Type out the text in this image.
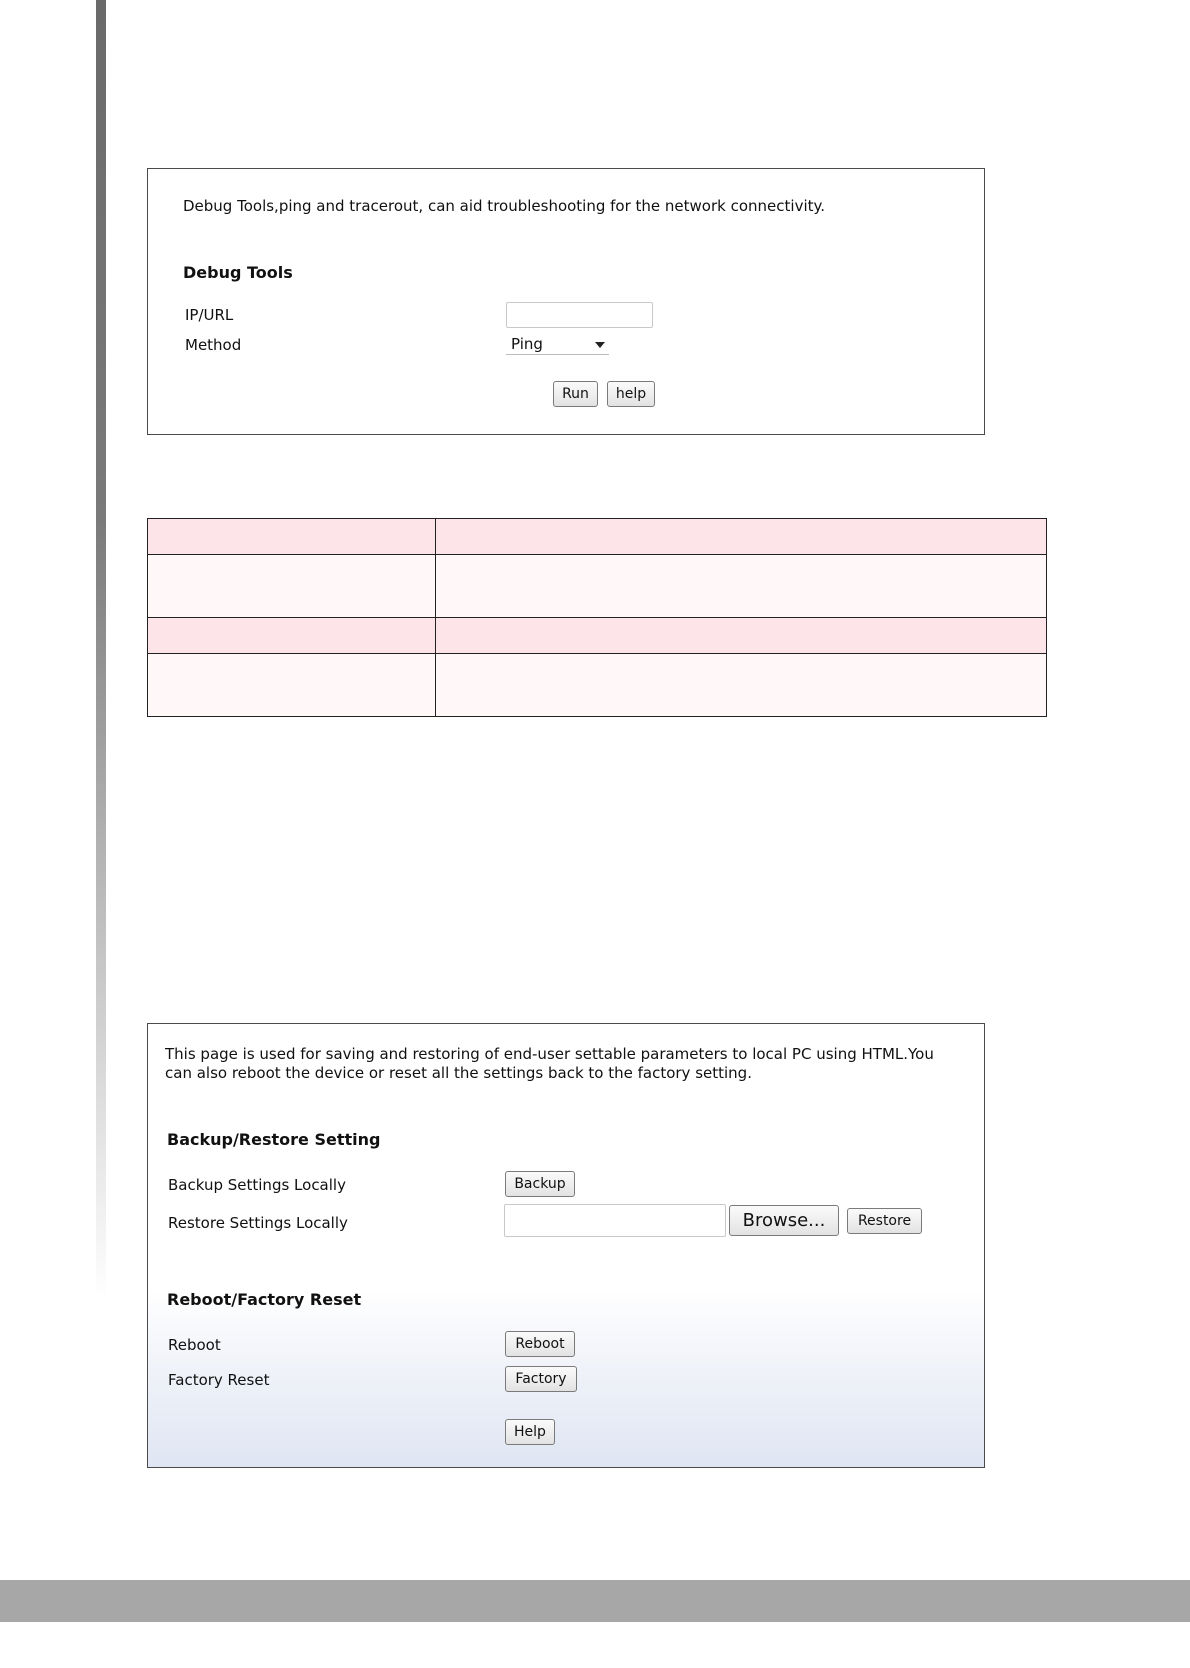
Debug Tools,ping and tracerout, can aid troubleshooting for the network connectivity.
Debug Tools
IP/URL
Method	Ping
Run	help

This page is used for saving and restoring of end-user settable parameters to local PC using HTML.You can also reboot the device or reset all the settings back to the factory setting.
Backup/Restore Setting
Backup Settings Locally	Backup
Restore Settings Locally	Browse...	Restore
Reboot/Factory Reset
Reboot	Reboot
Factory Reset	Factory
Help
